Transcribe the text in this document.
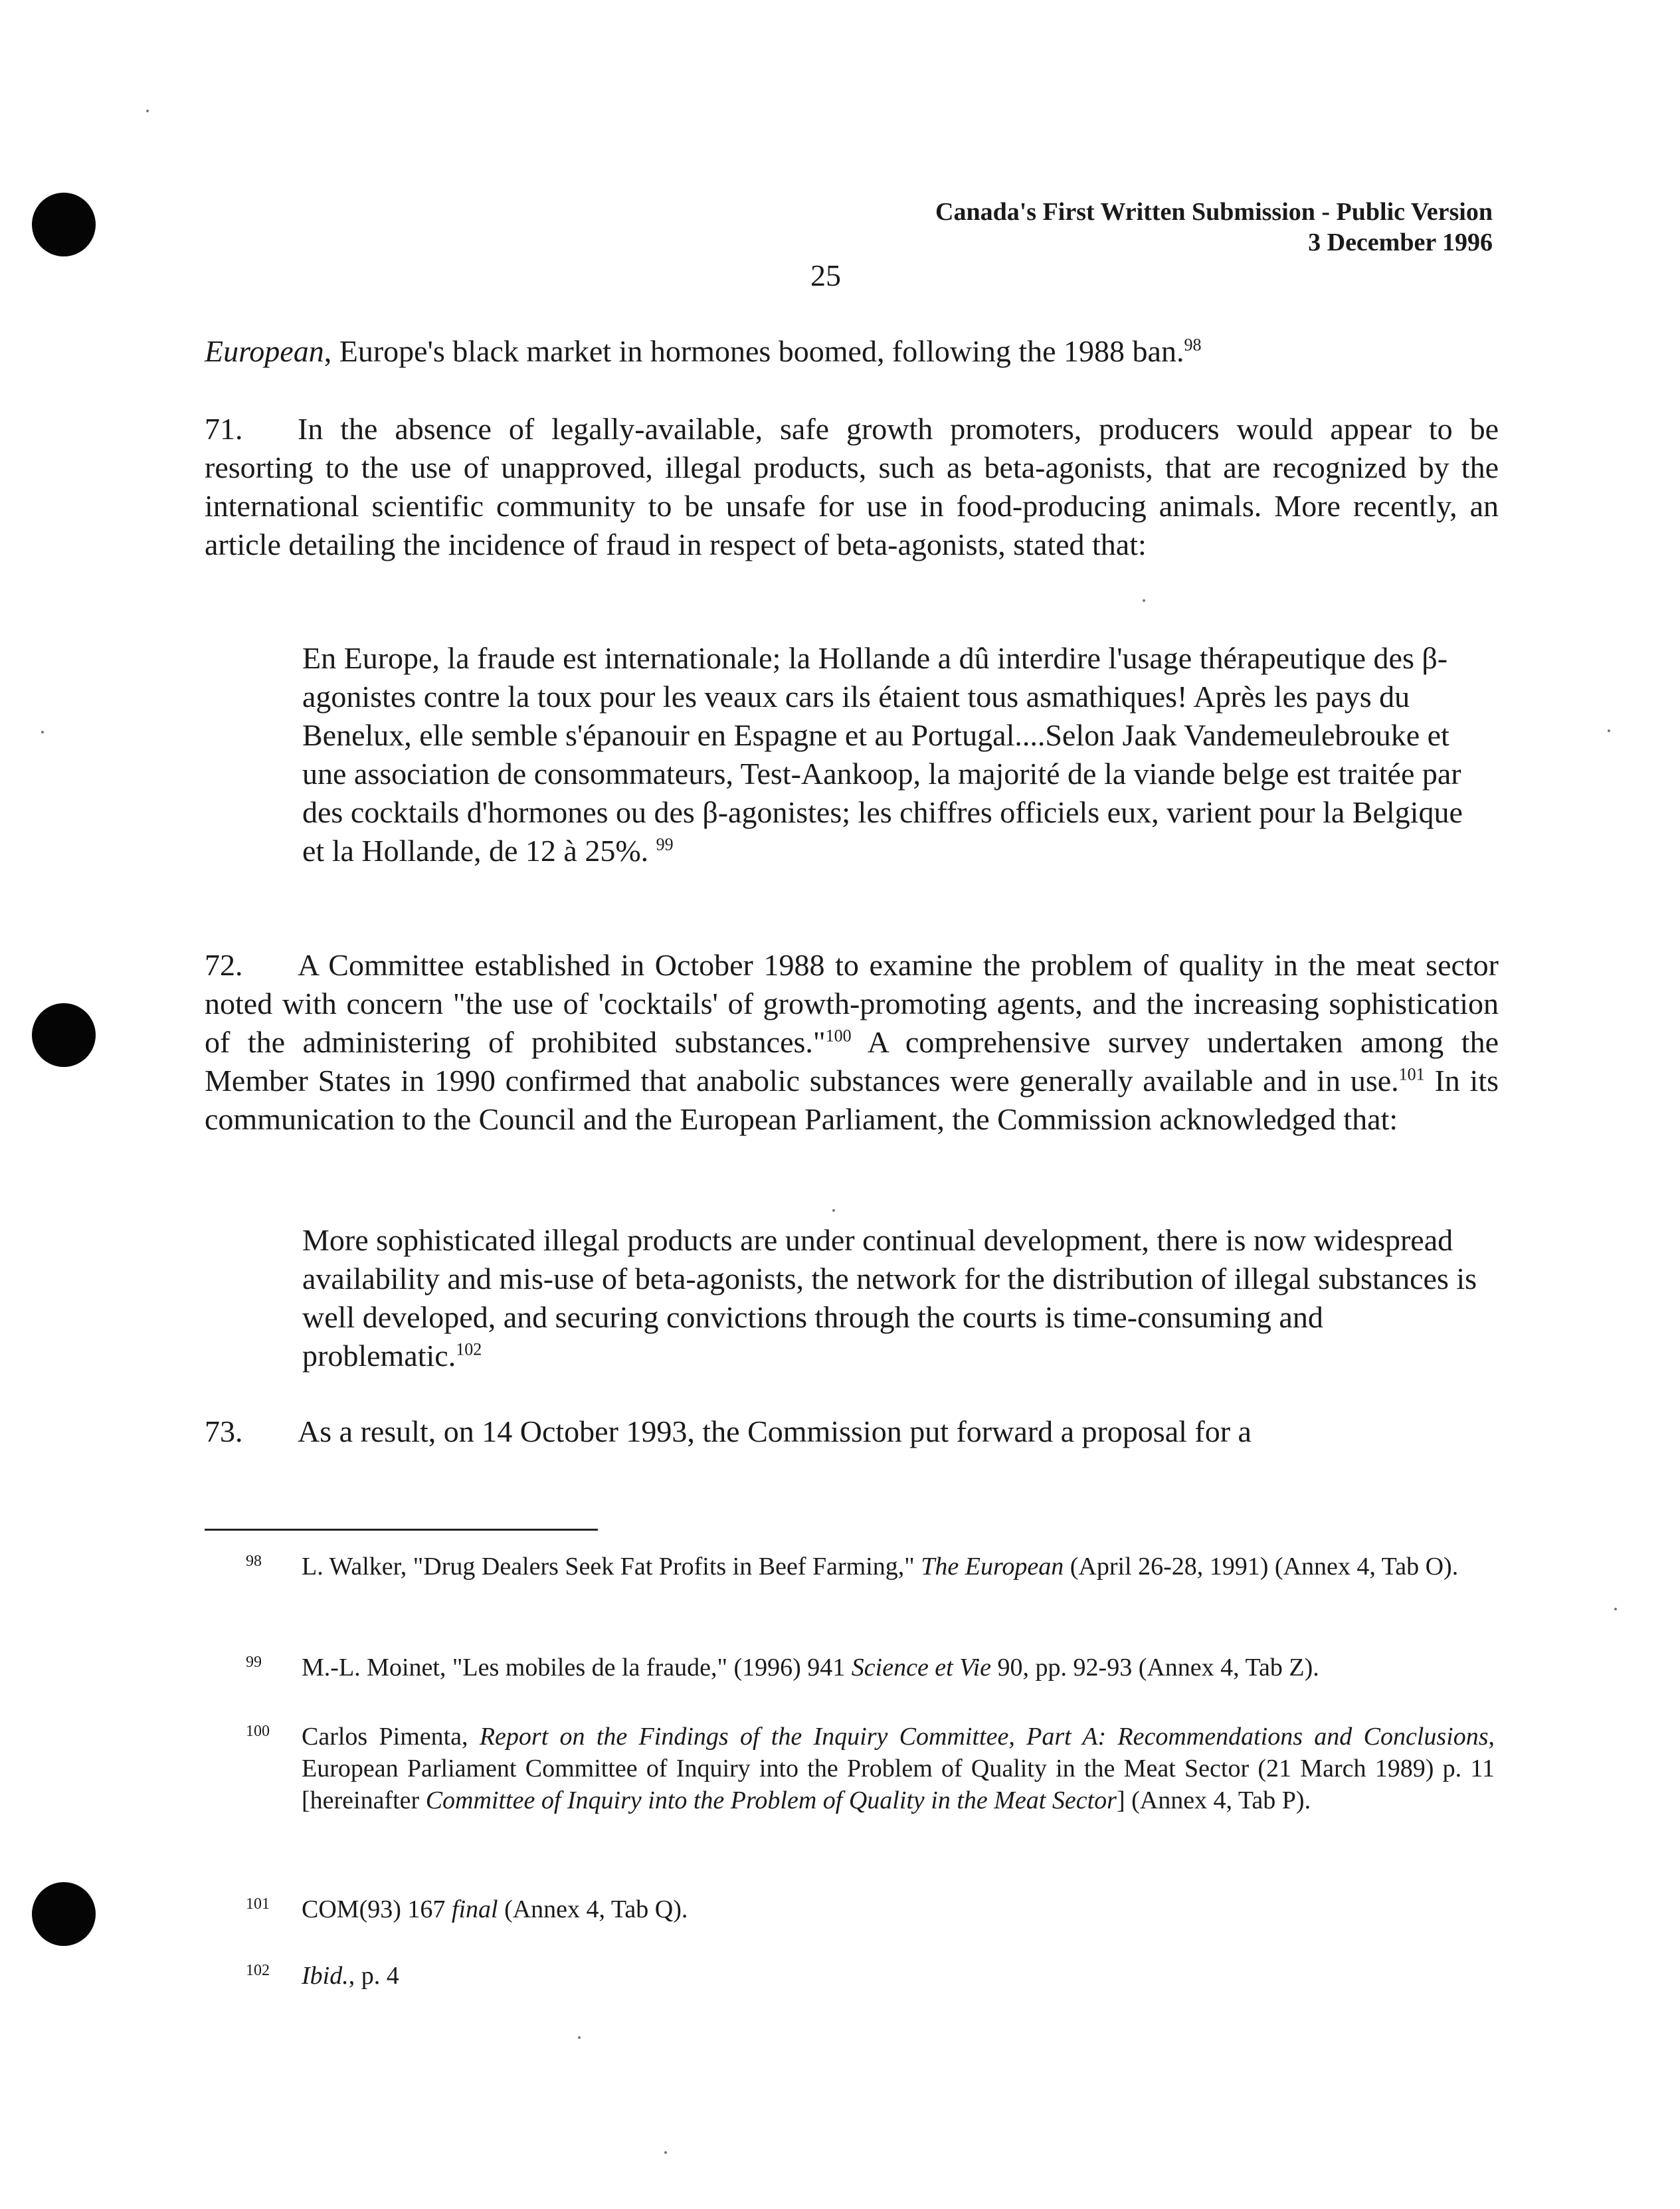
Canada's First Written Submission - Public Version
3 December 1996
25
European, Europe's black market in hormones boomed, following the 1988 ban.$^{98}$
71. In the absence of legally-available, safe growth promoters, producers would appear to be resorting to the use of unapproved, illegal products, such as beta-agonists, that are recognized by the international scientific community to be unsafe for use in food-producing animals. More recently, an article detailing the incidence of fraud in respect of beta-agonists, stated that:
En Europe, la fraude est internationale; la Hollande a dû interdire l'usage thérapeutique des β-agonistes contre la toux pour les veaux cars ils étaient tous asmathiques! Après les pays du Benelux, elle semble s'épanouir en Espagne et au Portugal....Selon Jaak Vandemeulebrouke et une association de consommateurs, Test-Aankoop, la majorité de la viande belge est traitée par des cocktails d'hormones ou des β-agonistes; les chiffres officiels eux, varient pour la Belgique et la Hollande, de 12 à 25%. $^{99}$
72. A Committee established in October 1988 to examine the problem of quality in the meat sector noted with concern "the use of 'cocktails' of growth-promoting agents, and the increasing sophistication of the administering of prohibited substances."$^{100}$ A comprehensive survey undertaken among the Member States in 1990 confirmed that anabolic substances were generally available and in use.$^{101}$ In its communication to the Council and the European Parliament, the Commission acknowledged that:
More sophisticated illegal products are under continual development, there is now widespread availability and mis-use of beta-agonists, the network for the distribution of illegal substances is well developed, and securing convictions through the courts is time-consuming and problematic.$^{102}$
73. As a result, on 14 October 1993, the Commission put forward a proposal for a
98 L. Walker, "Drug Dealers Seek Fat Profits in Beef Farming," The European (April 26-28, 1991) (Annex 4, Tab O).
99 M.-L. Moinet, "Les mobiles de la fraude," (1996) 941 Science et Vie 90, pp. 92-93 (Annex 4, Tab Z).
100 Carlos Pimenta, Report on the Findings of the Inquiry Committee, Part A: Recommendations and Conclusions, European Parliament Committee of Inquiry into the Problem of Quality in the Meat Sector (21 March 1989) p. 11 [hereinafter Committee of Inquiry into the Problem of Quality in the Meat Sector] (Annex 4, Tab P).
101 COM(93) 167 final (Annex 4, Tab Q).
102 Ibid., p. 4
